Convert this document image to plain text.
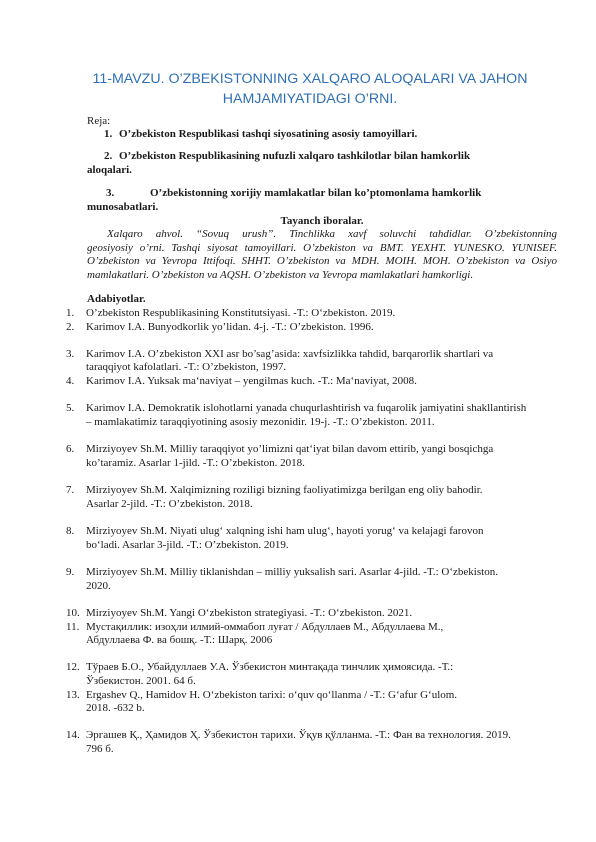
11-MAVZU. O’ZBEKISTONNING XALQARO ALOQALARI VA JAHON
HAMJAMIYATIDAGI O’RNI.
Reja:
1. O’zbekiston Respublikasi tashqi siyosatining asosiy tamoyillari.
2. O’zbekiston Respublikasining nufuzli xalqaro tashkilotlar bilan hamkorlik
aloqalari.
3.	O’zbekistonning xorijiy mamlakatlar bilan ko’ptomonlama hamkorlik
munosabatlari.
Tayanch iboralar.
Xalqaro ahvol. “Sovuq urush”. Tinchlikka xavf soluvchi tahdidlar. O’zbekistonning
geosiyosiy o’rni. Tashqi siyosat tamoyillari. O’zbekiston va BMT. YEXHT. YUNESKO. YUNISEF.
O’zbekiston va Yevropa Ittifoqi. SHHT. O’zbekiston va MDH. MOIH. MOH. O’zbekiston va Osiyo
mamlakatlari. O’zbekiston va AQSH. O’zbekiston va Yevropa mamlakatlari hamkorligi.
Adabiyotlar.
1. O’zbekiston Respublikasining Konstitutsiyasi. -T.: O‘zbekiston. 2019.
2. Karimov I.A. Bunyodkorlik yo’lidan. 4-j. -T.: O’zbekiston. 1996.
3. Karimov I.A. O’zbekiston XXI asr bo’sag’asida: xavfsizlikka tahdid, barqarorlik shartlari va
taraqqiyot kafolatlari. -T.: O’zbekiston, 1997.
4. Karimov I.A. Yuksak ma‘naviyat – yengilmas kuch. -T.: Ma‘naviyat, 2008.
5. Karimov I.A. Demokratik islohotlarni yanada chuqurlashtirish va fuqarolik jamiyatini shakllantirish
– mamlakatimiz taraqqiyotining asosiy mezonidir. 19-j. -T.: O’zbekiston. 2011.
6. Mirziyoyev Sh.M. Milliy taraqqiyot yo’limizni qat‘iyat bilan davom ettirib, yangi bosqichga
ko’taramiz. Asarlar 1-jild. -T.: O’zbekiston. 2018.
7. Mirziyoyev Sh.M. Xalqimizning roziligi bizning faoliyatimizga berilgan eng oliy bahodir.
Asarlar 2-jild. -T.: O’zbekiston. 2018.
8. Mirziyoyev Sh.M. Niyati ulug‘ xalqning ishi ham ulug‘, hayoti yorug‘ va kelajagi farovon
bo‘ladi. Asarlar 3-jild. -T.: O’zbekiston. 2019.
9. Mirziyoyev Sh.M. Milliy tiklanishdan – milliy yuksalish sari. Asarlar 4-jild. -T.: O‘zbekiston.
2020.
10. Mirziyoyev Sh.M. Yangi O‘zbekiston strategiyasi. -T.: O‘zbekiston. 2021.
11. Мустақиллик: изоҳли илмий-оммабоп луғат / Абдуллаев М., Абдуллаева М.,
Абдуллаева Ф. ва бошқ. -Т.: Шарқ. 2006
12. Тўраев Б.О., Убайдуллаев У.А. Ўзбекистон минтақада тинчлик ҳимоясида. -Т.:
Ўзбекистон. 2001. 64 б.
13. Ergashev Q., Hamidov H. O‘zbekiston tarixi: o‘quv qo‘llanma / -T.: G‘afur G‘ulom.
2018. -632 b.
14. Эргашев Қ., Ҳамидов Ҳ. Ўзбекистон тарихи. Ўқув қўлланма. -Т.: Фан ва технология. 2019.
796 б.
